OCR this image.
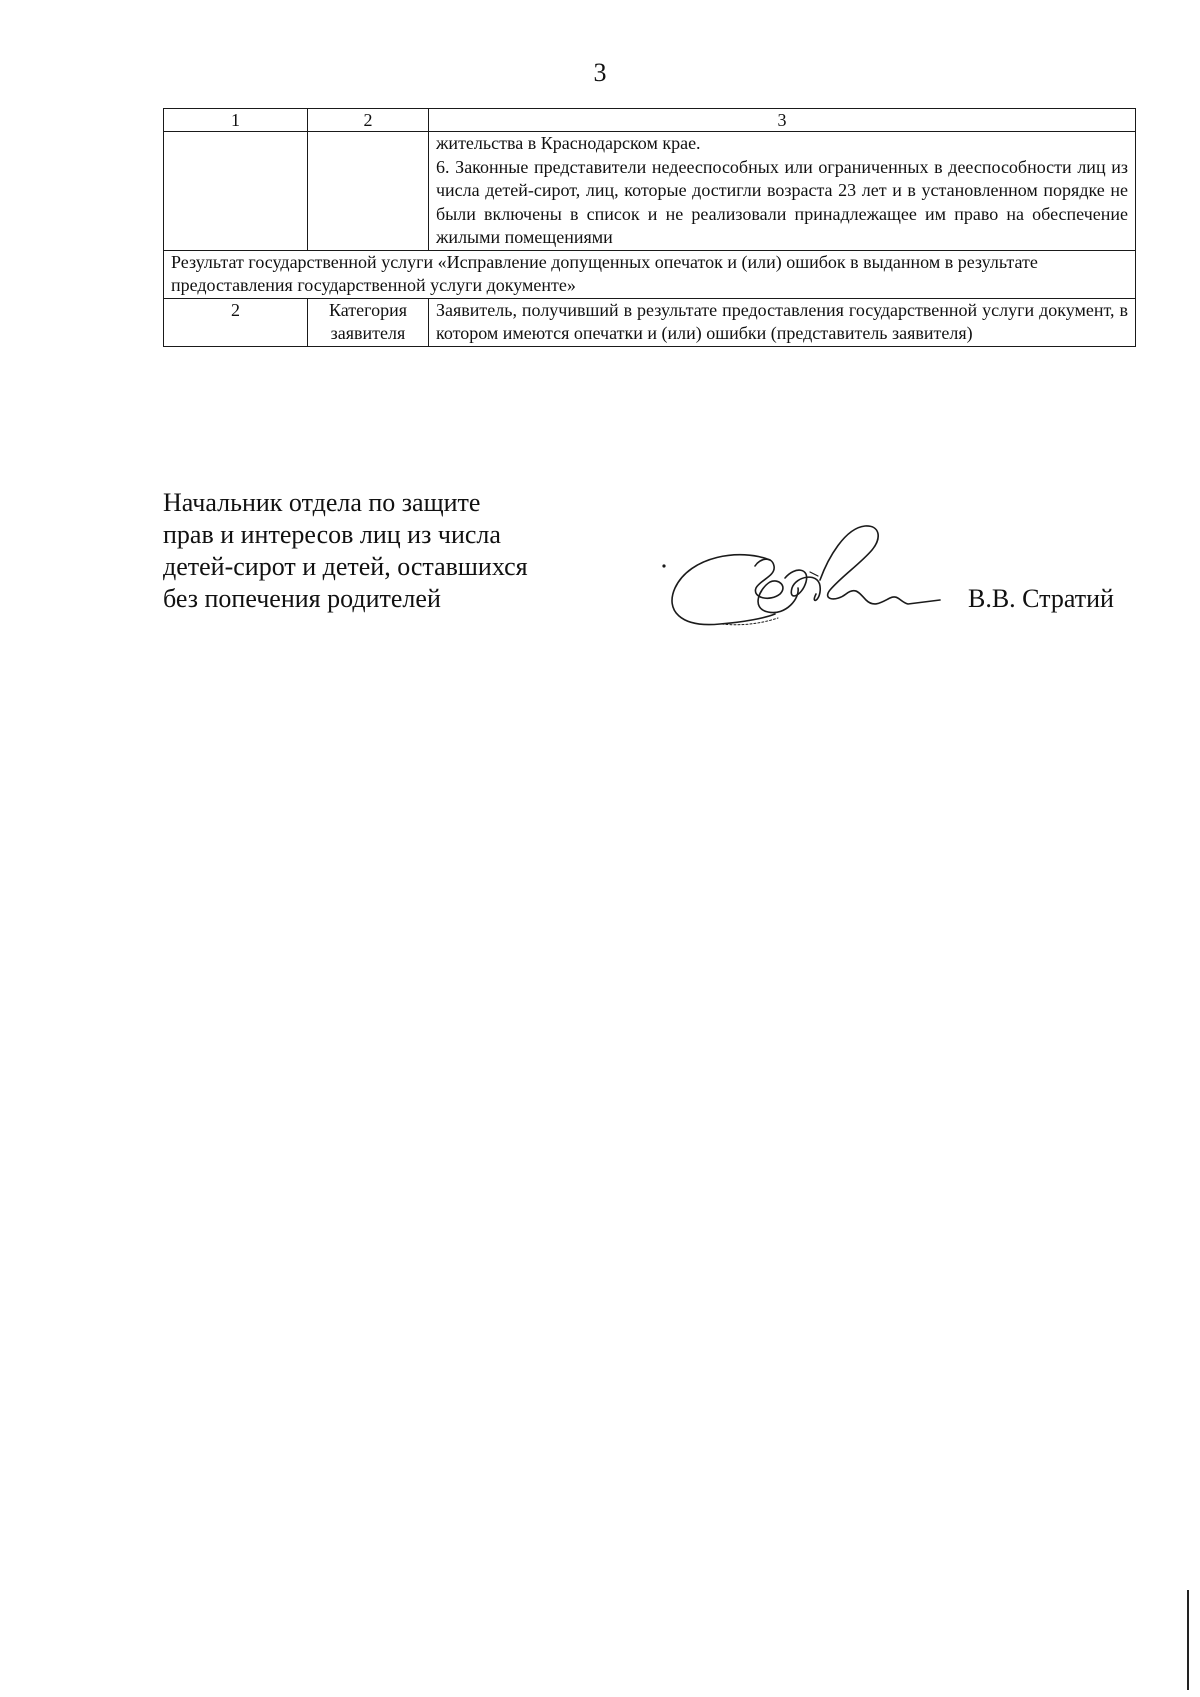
3
1	2	3

		жительства в Краснодарском крае.
6. Законные представители недееспособных или ограниченных в дееспособности лиц из числа детей-сирот, лиц, которые достигли возраста 23 лет и в установленном порядке не были включены в список и не реализовали принадлежащее им право на обеспечение жилыми помещениями

Результат государственной услуги «Исправление допущенных опечаток и (или) ошибок в выданном в результате предоставления государственной услуги документе»		
2	Категория заявителя	Заявитель, получивший в результате предоставления государственной услуги документ, в котором имеются опечатки и (или) ошибки (представитель заявителя)
Начальник отдела по защите
прав и интересов лиц из числа
детей-сирот и детей, оставшихся
без попечения родителей	В.В. Стратий
